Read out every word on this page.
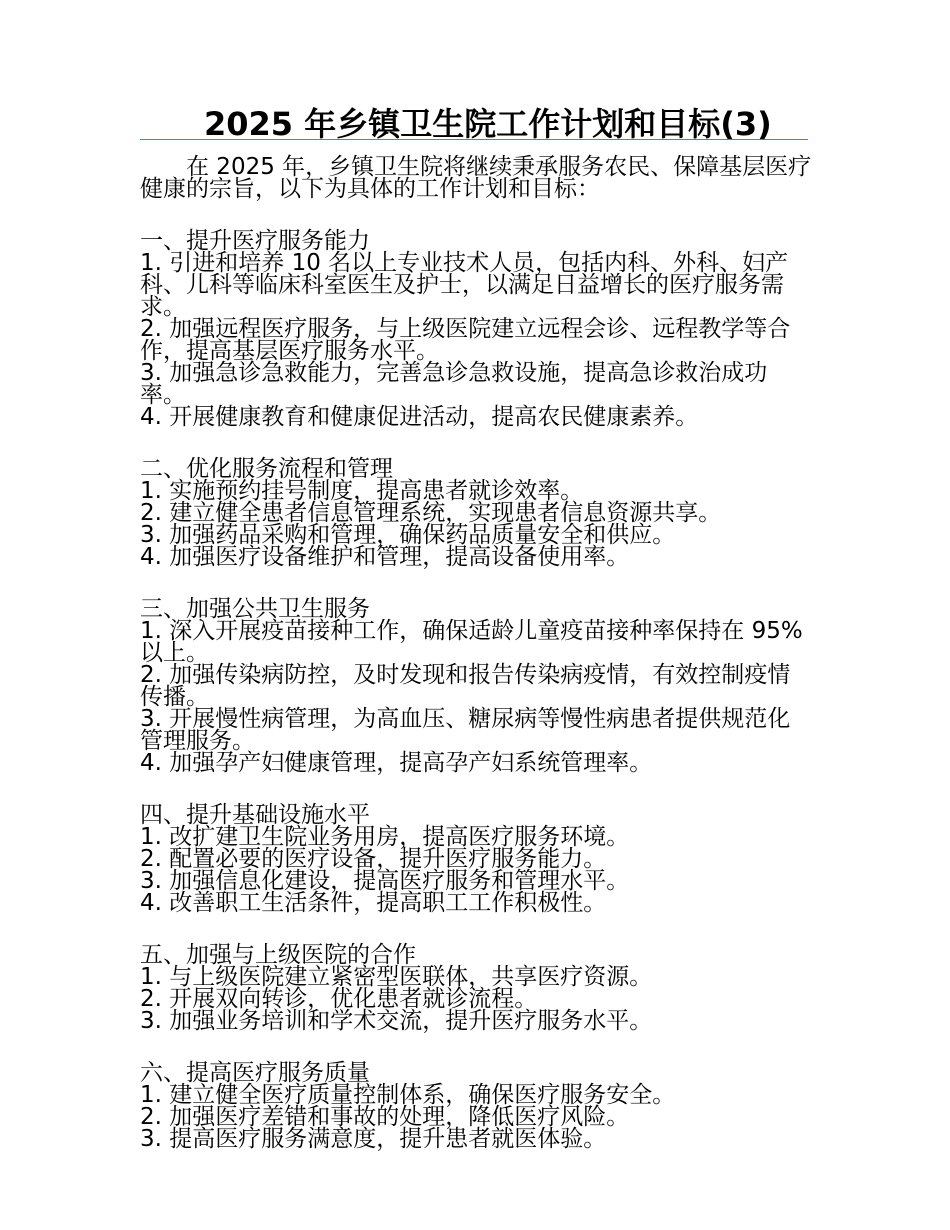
2025 年乡镇卫生院工作计划和目标(3)

在 2025 年，乡镇卫生院将继续秉承服务农民、保障基层医疗健康的宗旨，以下为具体的工作计划和目标：

一、提升医疗服务能力

1. 引进和培养 10 名以上专业技术人员，包括内科、外科、妇产科、儿科等临床科室医生及护士，以满足日益增长的医疗服务需求。

2. 加强远程医疗服务，与上级医院建立远程会诊、远程教学等合作，提高基层医疗服务水平。

3. 加强急诊急救能力，完善急诊急救设施，提高急诊救治成功率。

4. 开展健康教育和健康促进活动，提高农民健康素养。

二、优化服务流程和管理

1. 实施预约挂号制度，提高患者就诊效率。

2. 建立健全患者信息管理系统，实现患者信息资源共享。

3. 加强药品采购和管理，确保药品质量安全和供应。

4. 加强医疗设备维护和管理，提高设备使用率。

三、加强公共卫生服务

1. 深入开展疫苗接种工作，确保适龄儿童疫苗接种率保持在 95%以上。

2. 加强传染病防控，及时发现和报告传染病疫情，有效控制疫情传播。

3. 开展慢性病管理，为高血压、糖尿病等慢性病患者提供规范化管理服务。

4. 加强孕产妇健康管理，提高孕产妇系统管理率。

四、提升基础设施水平

1. 改扩建卫生院业务用房，提高医疗服务环境。

2. 配置必要的医疗设备，提升医疗服务能力。

3. 加强信息化建设，提高医疗服务和管理水平。

4. 改善职工生活条件，提高职工工作积极性。

五、加强与上级医院的合作

1. 与上级医院建立紧密型医联体，共享医疗资源。

2. 开展双向转诊，优化患者就诊流程。

3. 加强业务培训和学术交流，提升医疗服务水平。

六、提高医疗服务质量

1. 建立健全医疗质量控制体系，确保医疗服务安全。

2. 加强医疗差错和事故的处理，降低医疗风险。

3. 提高医疗服务满意度，提升患者就医体验。
